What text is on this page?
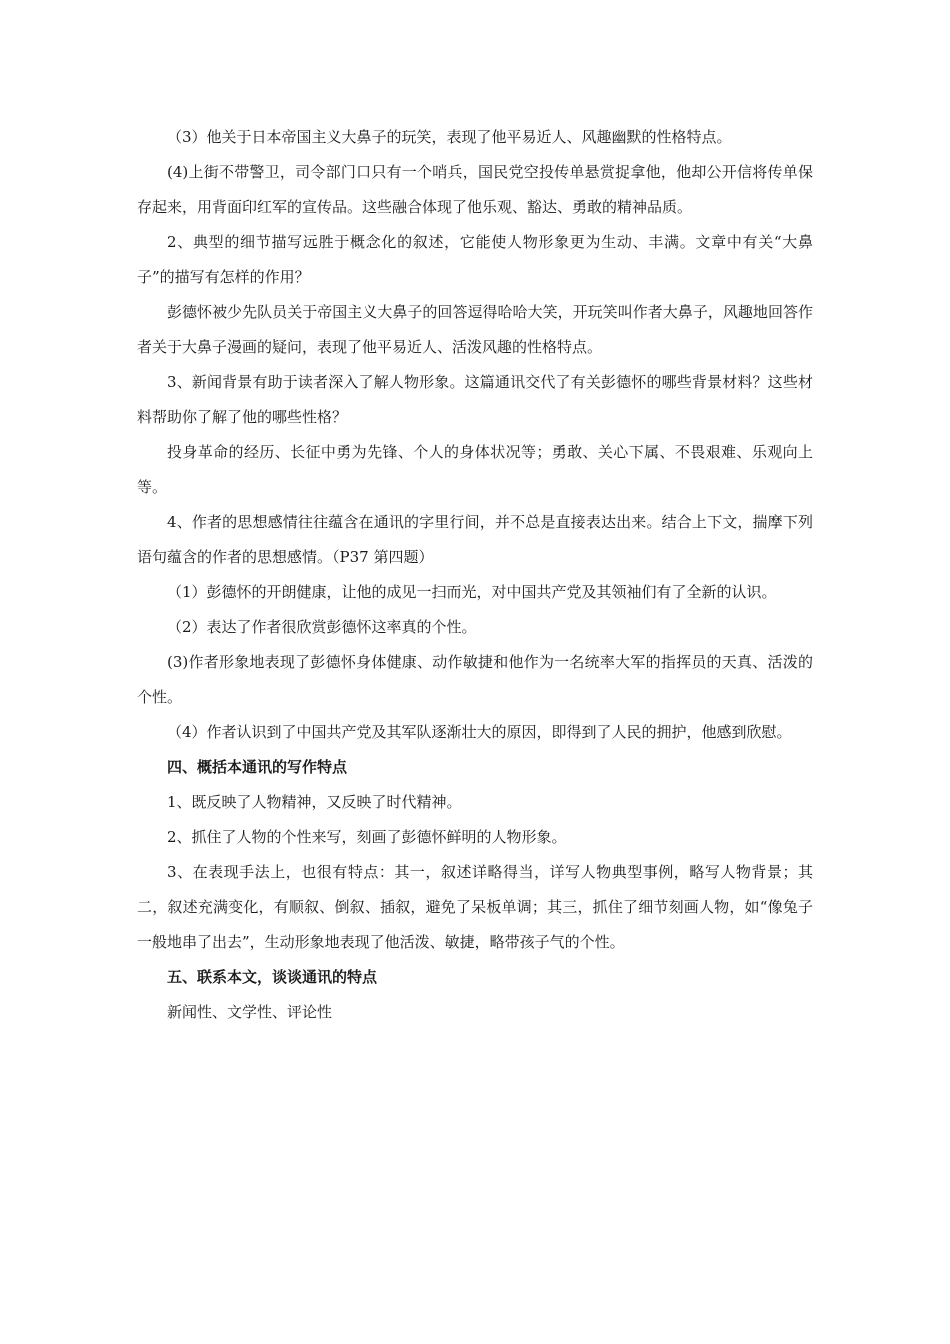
（3）他关于日本帝国主义大鼻子的玩笑，表现了他平易近人、风趣幽默的性格特点。

(4)上街不带警卫，司令部门口只有一个哨兵，国民党空投传单悬赏捉拿他，他却公开信将传单保存起来，用背面印红军的宣传品。这些融合体现了他乐观、豁达、勇敢的精神品质。

2、典型的细节描写远胜于概念化的叙述，它能使人物形象更为生动、丰满。文章中有关“大鼻子”的描写有怎样的作用？

彭德怀被少先队员关于帝国主义大鼻子的回答逗得哈哈大笑，开玩笑叫作者大鼻子，风趣地回答作者关于大鼻子漫画的疑问，表现了他平易近人、活泼风趣的性格特点。

3、新闻背景有助于读者深入了解人物形象。这篇通讯交代了有关彭德怀的哪些背景材料？这些材料帮助你了解了他的哪些性格？

投身革命的经历、长征中勇为先锋、个人的身体状况等；勇敢、关心下属、不畏艰难、乐观向上等。

4、作者的思想感情往往蕴含在通讯的字里行间，并不总是直接表达出来。结合上下文，揣摩下列语句蕴含的作者的思想感情。（P37 第四题）

（1）彭德怀的开朗健康，让他的成见一扫而光，对中国共产党及其领袖们有了全新的认识。

（2）表达了作者很欣赏彭德怀这率真的个性。

(3)作者形象地表现了彭德怀身体健康、动作敏捷和他作为一名统率大军的指挥员的天真、活泼的个性。

（4）作者认识到了中国共产党及其军队逐渐壮大的原因，即得到了人民的拥护，他感到欣慰。

四、概括本通讯的写作特点

1、既反映了人物精神，又反映了时代精神。

2、抓住了人物的个性来写，刻画了彭德怀鲜明的人物形象。

3、在表现手法上，也很有特点：其一，叙述详略得当，详写人物典型事例，略写人物背景；其二，叙述充满变化，有顺叙、倒叙、插叙，避免了呆板单调；其三，抓住了细节刻画人物，如“像兔子一般地串了出去”，生动形象地表现了他活泼、敏捷，略带孩子气的个性。

五、联系本文，谈谈通讯的特点

新闻性、文学性、评论性
